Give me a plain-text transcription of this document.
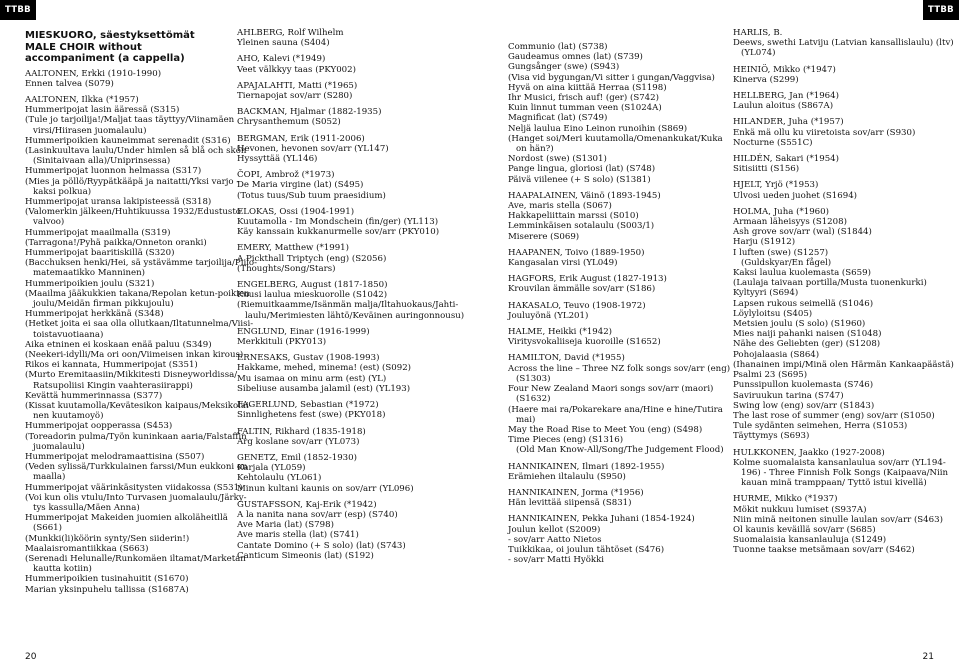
TTBB	TTBB
MIESKUORO, säestyksettömät
MALE CHOIR without
accompaniment (a cappella)
AALTONEN, Erkki (1910-1990)
Ennen talvea (S079)
AALTONEN, Ilkka (*1957)
Hummeripojat lasin ääressä (S315)
(Tule jo tarjoilija!/Maljat taas täyttyy/Viinamäen
virsi/Hiirasen juomalaulu)
Hummeripoikien kauneimmat serenadit (S316)
(Lasinkuultava laulu/Under himlen så blå och skön
(Sinitaivaan alla)/Uniprinsessa)
Hummeripojat luonnon helmassa (S317)
(Mies ja pöllö/Ryypätkääpä ja naitatti/Yksi varjo -
kaksi polkua)
Hummeripojat uransa lakipisteessä (S318)
(Valomerkin jälkeen/Huhtikuussa 1932/Edustusto
valvoo)
Hummeripojat maailmalla (S319)
(Tarragona!/Pyhä paikka/Onneton oranki)
Hummeripojat baaritiskillä (S320)
(Bacchuksen henki/Hei, sä ystävämme tarjoilija/Piilo-
matemaatikko Manninen)
Hummeripoikien joulu (S321)
(Maailma jääkukkien takana/Repolan ketun-poikien
joulu/Meidän firman pikkujoulu)
Hummeripojat herkkänä (S348)
(Hetket joita ei saa olla ollutkaan/Iltatunnelma/Viisi-
toistavuotiaana)
Aika etninen ei koskaan enää paluu (S349)
(Neekeri-idylli/Ma ori oon/Viimeisen inkan kirous)
Rikos ei kannata, Hummeripojat (S351)
(Murto Eremitaasiin/Mikkitesti Disneyworldissa/
Ratsupoliisi Kingin vaahterasiirappi)
Kevättä hummerinnassa (S377)
(Kissat kuutamolla/Kevätesikon kaipaus/Meksikolai-
nen kuutamoyö)
Hummeripojat oopperassa (S453)
(Toreadorin pulma/Työn kuninkaan aaria/Falstaffin
juomalaulu)
Hummeripojat melodramaattisina (S507)
(Veden sylissä/Turkkulainen farssi/Mun eukkoni on
maalla)
Hummeripojat väärinkäsitysten viidakossa (S531)
(Voi kun olis vtulu/Into Turvasen juomalaulu/Järky-
tys kassulla/Mäen Anna)
Hummeripojat Makeiden juomien alkoläheitllä
(S661)
(Munkki(li)köörin synty/Sen siiderin!)
Maalaisromantiikkaa (S663)
(Serenadi Helunalle/Runkomäen iltamat/Marketan
kautta kotiin)
Hummeripoikien tusinahuitit (S1670)
Marian yksinpuhelu tallissa (S1687A)
AHLBERG, Rolf Wilhelm
Yleinen sauna (S404)
AHO, Kalevi (*1949)
Veet välkkyy taas (PKY002)
APAJALAHTI, Matti (*1965)
Tiernapojat sov/arr (S280)
BACKMAN, Hjalmar (1882-1935)
Chrysanthemum (S052)
BERGMAN, Erik (1911-2006)
Hevonen, hevonen sov/arr (YL147)
Hyssyttää (YL146)
ČOPI, Ambrož (*1973)
De Maria virgine (lat) (S495)
(Totus tuus/Sub tuum praesidium)
ELOKAS, Ossi (1904-1991)
Kuutamolla - Im Mondschein (fin/ger) (YL113)
Käy kanssain kukkanurmelle sov/arr (PKY010)
EMERY, Matthew (*1991)
A Pickthall Triptych (eng) (S2056)
(Thoughts/Song/Stars)
ENGELBERG, August (1817-1850)
Kuusi laulua mieskuorolle (S1042)
(Riemuitkaamme/Isänmän malja/Iltahuokaus/Jahti-
laulu/Merimiesten lähtö/Keväinen auringonnousu)
ENGLUND, Einar (1916-1999)
Merkkituli (PKY013)
ERNESAKS, Gustav (1908-1993)
Hakkame, mehed, minema! (est) (S092)
Mu isamaa on minu arm (est) (YL)
Sibeliuse ausamba jalamil (est) (YL193)
FAGERLUND, Sebastian (*1972)
Sinnlighetens fest (swe) (PKY018)
FALTIN, Rikhard (1835-1918)
Arg koslane sov/arr (YL073)
GENETZ, Emil (1852-1930)
Karjala (YL059)
Kehtolaulu (YL061)
Minun kultani kaunis on sov/arr (YL096)
GUSTAFSSON, Kaj-Erik (*1942)
A la nanita nana sov/arr (esp) (S740)
Ave Maria (lat) (S798)
Ave maris stella (lat) (S741)
Cantate Domino (+ S solo) (lat) (S743)
Canticum Simeonis (lat) (S192)
Communio (lat) (S738)
Gaudeamus omnes (lat) (S739)
Gungsånger (swe) (S943)
(Visa vid bygungan/Vi sitter i gungan/Vaggvisa)
Hyvä on aina kiittää Herraa (S1198)
Ihr Musici, frisch auf! (ger) (S742)
Kuin linnut tumman veen (S1024A)
Magnificat (lat) (S749)
Neljä laulua Eino Leinon runoihin (S869)
(Hanget soi/Meri kuutamolla/Omenankukat/Kuka
on hän?)
Nordost (swe) (S1301)
Pange lingua, gloriosi (lat) (S748)
Päivä viilenee (+ S solo) (S1381)
HAAPALAINEN, Väinö (1893-1945)
Ave, maris stella (S067)
Hakkapeliittain marssi (S010)
Lemminkäisen sotalaulu (S003/1)
Miserere (S069)
HAAPANEN, Toivo (1889-1950)
Kangasalan virsi (YL049)
HAGFORS, Erik August (1827-1913)
Krouvilan ämmälle sov/arr (S186)
HAKASALO, Teuvo (1908-1972)
Jouluyönä (YL201)
HALME, Heikki (*1942)
Viritysvokaliiseja kuoroille (S1652)
HAMILTON, David (*1955)
Across the line – Three NZ folk songs sov/arr (eng)
(S1303)
Four New Zealand Maori songs sov/arr (maori)
(S1632)
(Haere mai ra/Pokarekare ana/Hine e hine/Tutira
mai)
May the Road Rise to Meet You (eng) (S498)
Time Pieces (eng) (S1316)
(Old Man Know-All/Song/The Judgement Flood)
HANNIKAINEN, Ilmari (1892-1955)
Erämiehen iltalaulu (S950)
HANNIKAINEN, Jorma (*1956)
Hän levittää siipensä (S831)
HANNIKAINEN, Pekka Juhani (1854-1924)
Joulun kellot (S2009)
- sov/arr Aatto Nietos
Tuikkikaa, oi joulun tähtöset (S476)
- sov/arr Matti Hyökki
HARLIS, B.
Deews, swethi Latviju (Latvian kansallislaulu) (ltv)
(YL074)
HEINIÖ, Mikko (*1947)
Kinerva (S299)
HELLBERG, Jan (*1964)
Laulun aloitus (S867A)
HILANDER, Juha (*1957)
Enkä mä ollu ku viiretoista sov/arr (S930)
Nocturne (S551C)
HILDÉN, Sakari (*1954)
Sitisiitti (S156)
HJELT, Yrjö (*1953)
Ulvosi ueden juohet (S1694)
HOLMA, Juha (*1960)
Armaan läheisyys (S1208)
Ash grove sov/arr (wal) (S1844)
Harju (S1912)
I luften (swe) (S1257)
(Guldskyar/En fågel)
Kaksi laulua kuolemasta (S659)
(Laulaja taivaan portilla/Musta tuonenkurki)
Kyltyyri (S694)
Lapsen rukous seimellä (S1046)
Löylyloitsu (S405)
Metsien joulu (S solo) (S1960)
Mies naiji pahanki naisen (S1048)
Nähe des Geliebten (ger) (S1208)
Pohojalaasia (S864)
(Ihanainen impi/Minä olen Härmän Kankaapäästä)
Psalmi 23 (S695)
Punssipullon kuolemasta (S746)
Saviruukun tarina (S747)
Swing low (eng) sov/arr (S1843)
The last rose of summer (eng) sov/arr (S1050)
Tule sydänten seimehen, Herra (S1053)
Täyttymys (S693)
HULKKONEN, Jaakko (1927-2008)
Kolme suomalaista kansanlaulua sov/arr (YL194-
196) - Three Finnish Folk Songs (Kaipaava/Niin
kauan minä tramppaan/ Tyttö istui kivellä)
HURME, Mikko (*1937)
Mökit nukkuu lumiset (S937A)
Niin minä neitonen sinulle laulan sov/arr (S463)
Ol kaunis keväillä sov/arr (S685)
Suomalaisia kansanlauluja (S1249)
Tuonne taakse metsämaan sov/arr (S462)
20	21
